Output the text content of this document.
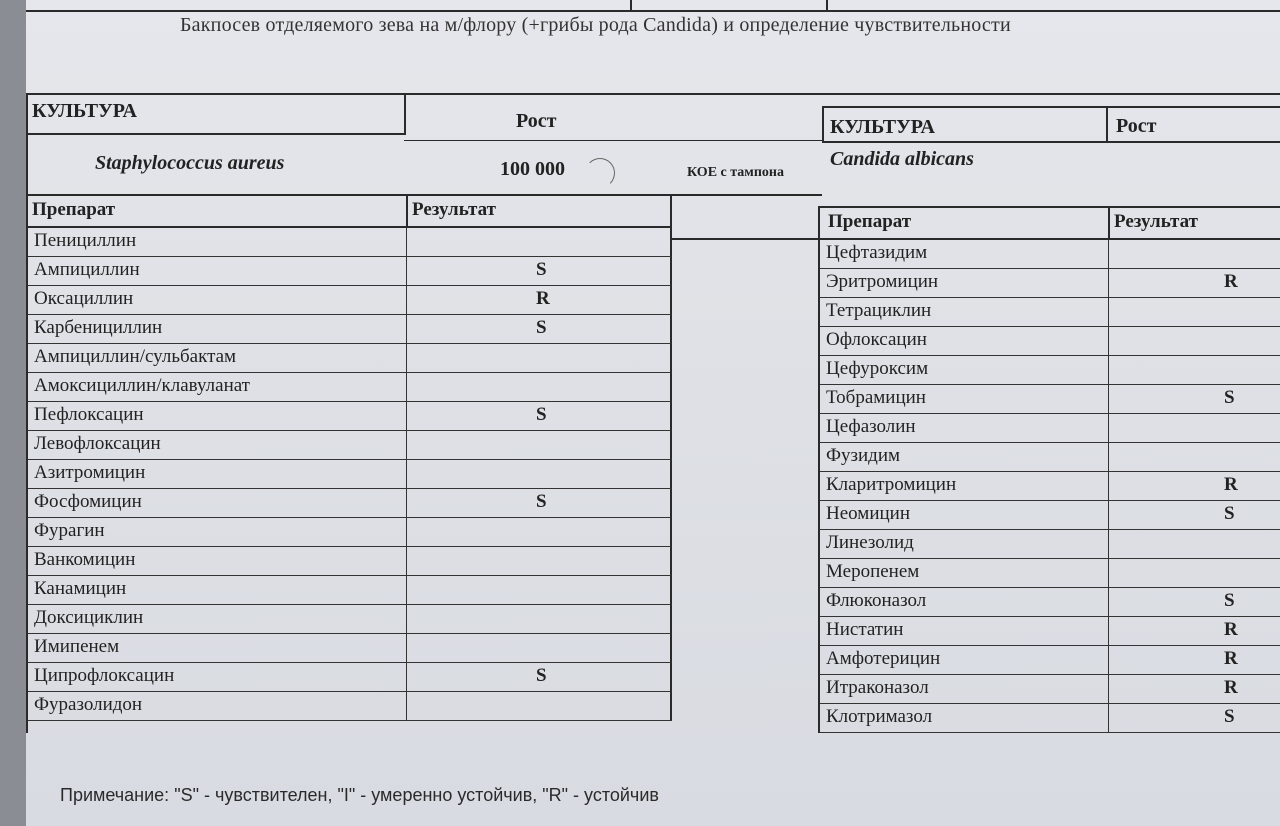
Бакпосев отделяемого зева на м/флору (+грибы рода Candida) и определение чувствительности
КУЛЬТУРА	Рост
Staphylococcus aureus	100 000	КОЕ с тампона
КУЛЬТУРА	Рост
Candida albicans
Препарат	Результат
Пенициллин
Ампициллин	S
Оксациллин	R
Карбенициллин	S
Ампициллин/сульбактам
Амоксициллин/клавуланат
Пефлоксацин	S
Левофлоксацин
Азитромицин
Фосфомицин	S
Фурагин
Ванкомицин
Канамицин
Доксициклин
Имипенем
Ципрофлоксацин	S
Фуразолидон
Препарат	Результат
Цефтазидим
Эритромицин	R
Тетрациклин
Офлоксацин
Цефуроксим
Тобрамицин	S
Цефазолин
Фузидим
Кларитромицин	R
Неомицин	S
Линезолид
Меропенем
Флюконазол	S
Нистатин	R
Амфотерицин	R
Итраконазол	R
Клотримазол	S
Примечание: "S" - чувствителен, "I" - умеренно устойчив, "R" - устойчив
